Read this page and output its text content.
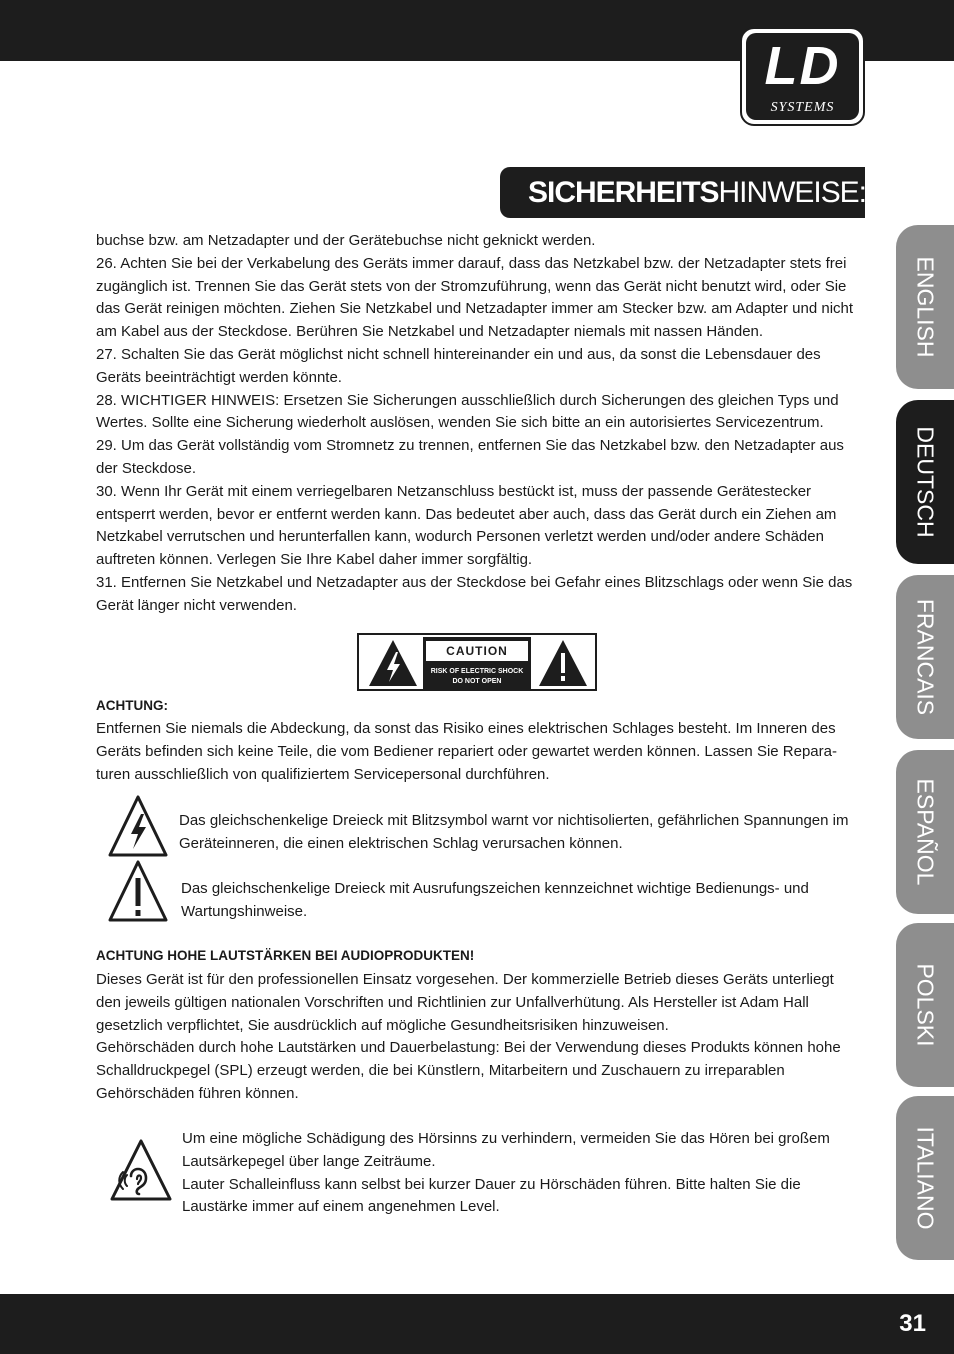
LD
SYSTEMS
SICHERHEITSHINWEISE:
ENGLISH
DEUTSCH
FRANCAIS
ESPAÑOL
POLSKI
ITALIANO

buchse bzw. am Netzadapter und der Gerätebuchse nicht geknickt werden.

26. Achten Sie bei der Verkabelung des Geräts immer darauf, dass das Netzkabel bzw. der Netzadapter stets frei zugänglich ist. Trennen Sie das Gerät stets von der Stromzuführung, wenn das Gerät nicht benutzt wird, oder Sie das Gerät reinigen möchten. Ziehen Sie Netzkabel und Netzadapter immer am Stecker bzw. am Adapter und nicht am Kabel aus der Steckdose. Berühren Sie Netzkabel und Netzadapter niemals mit nassen Händen.

27. Schalten Sie das Gerät möglichst nicht schnell hintereinander ein und aus, da sonst die Lebensdauer des Geräts beeinträchtigt werden könnte.

28. WICHTIGER HINWEIS: Ersetzen Sie Sicherungen ausschließlich durch Sicherungen des gleichen Typs und Wertes. Sollte eine Sicherung wiederholt auslösen, wenden Sie sich bitte an ein autorisiertes Servicezentrum.

29. Um das Gerät vollständig vom Stromnetz zu trennen, entfernen Sie das Netzkabel bzw. den Netzadapter aus der Steckdose.

30. Wenn Ihr Gerät mit einem verriegelbaren Netzanschluss bestückt ist, muss der passende Gerätestecker entsperrt werden, bevor er entfernt werden kann. Das bedeutet aber auch, dass das Gerät durch ein Ziehen am Netzkabel verrutschen und herunterfallen kann, wodurch Personen verletzt werden und/oder andere Schäden auftreten können. Verlegen Sie Ihre Kabel daher immer sorgfältig.

31. Entfernen Sie Netzkabel und Netzadapter aus der Steckdose bei Gefahr eines Blitzschlags oder wenn Sie das Gerät länger nicht verwenden.

CAUTION
RISK OF ELECTRIC SHOCK
DO NOT OPEN
ACHTUNG:
Entfernen Sie niemals die Abdeckung, da sonst das Risiko eines elektrischen Schlages besteht. Im Inneren des Geräts befinden sich keine Teile, die vom Bediener repariert oder gewartet werden können. Lassen Sie Repara-turen ausschließlich von qualifiziertem Servicepersonal durchführen.
Das gleichschenkelige Dreieck mit Blitzsymbol warnt vor nichtisolierten, gefährlichen Spannungen im Geräteinneren, die einen elektrischen Schlag verursachen können.
Das gleichschenkelige Dreieck mit Ausrufungszeichen kennzeichnet wichtige Bedienungs- und Wartungshinweise.
ACHTUNG HOHE LAUTSTÄRKEN BEI AUDIOPRODUKTEN!

Dieses Gerät ist für den professionellen Einsatz vorgesehen. Der kommerzielle Betrieb dieses Geräts unterliegt den jeweils gültigen nationalen Vorschriften und Richtlinien zur Unfallverhütung. Als Hersteller ist Adam Hall gesetzlich verpflichtet, Sie ausdrücklich auf mögliche Gesundheitsrisiken hinzuweisen.

Gehörschäden durch hohe Lautstärken und Dauerbelastung: Bei der Verwendung dieses Produkts können hohe Schalldruckpegel (SPL) erzeugt werden, die bei Künstlern, Mitarbeitern und Zuschauern zu irreparablen Gehörschäden führen können.

Um eine mögliche Schädigung des Hörsinns zu verhindern, vermeiden Sie das Hören bei großem Lautsärkepegel über lange Zeiträume.

Lauter Schalleinfluss kann selbst bei kurzer Dauer zu Hörschäden führen. Bitte halten Sie die Laustärke immer auf einem angenehmen Level.

31
